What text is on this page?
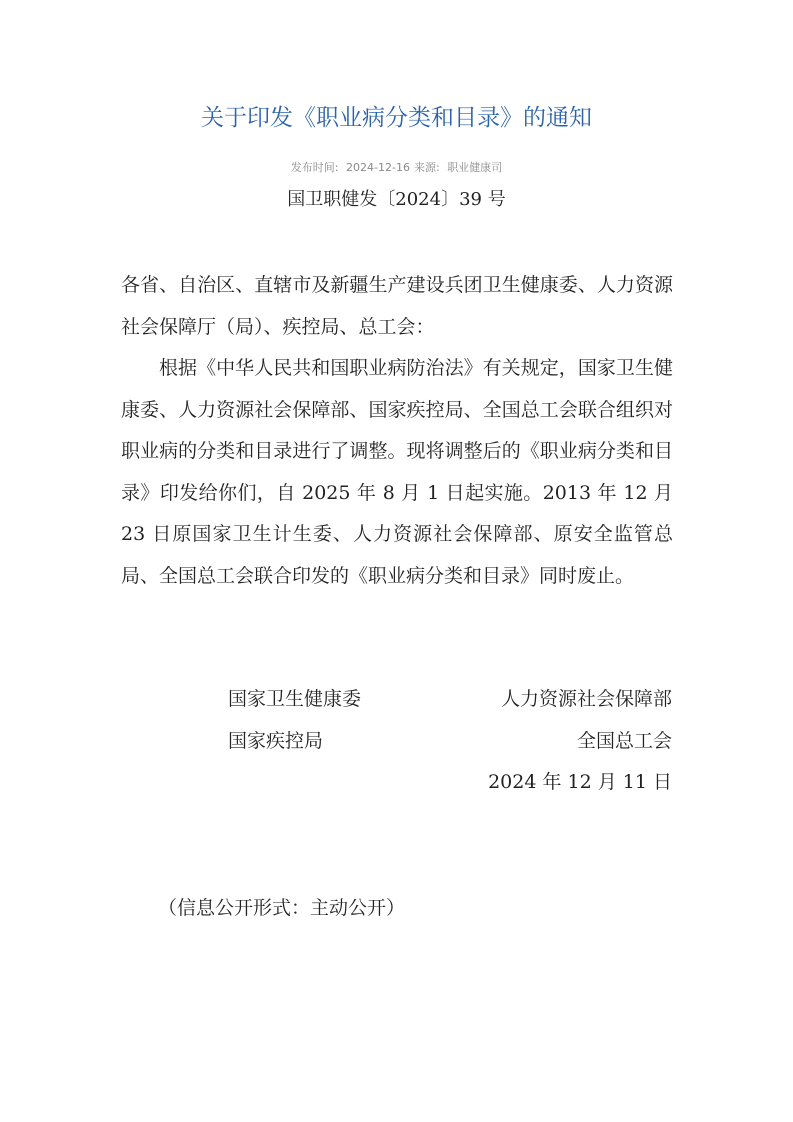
关于印发《职业病分类和目录》的通知
发布时间: 2024-12-16 来源: 职业健康司
国卫职健发〔2024〕39 号
各省、自治区、直辖市及新疆生产建设兵团卫生健康委、人力资源社会保障厅（局）、疾控局、总工会：
根据《中华人民共和国职业病防治法》有关规定，国家卫生健康委、人力资源社会保障部、国家疾控局、全国总工会联合组织对职业病的分类和目录进行了调整。现将调整后的《职业病分类和目录》印发给你们，自 2025 年 8 月 1 日起实施。2013 年 12 月 23 日原国家卫生计生委、人力资源社会保障部、原安全监管总局、全国总工会联合印发的《职业病分类和目录》同时废止。
国家卫生健康委	人力资源社会保障部
国家疾控局	全国总工会
2024 年 12 月 11 日
（信息公开形式：主动公开）
